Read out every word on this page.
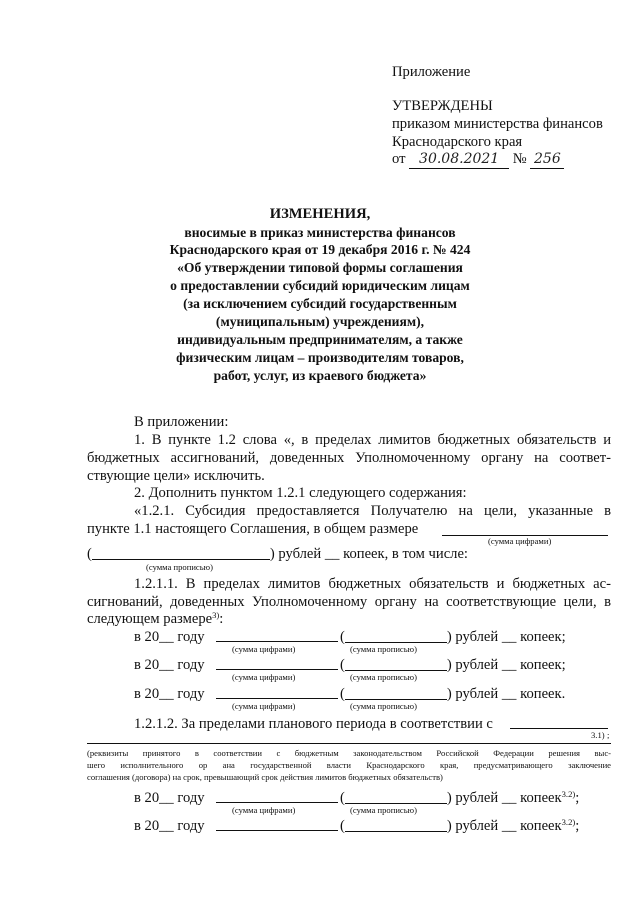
Приложение
УТВЕРЖДЕНЫ
приказом министерства финансов
Краснодарского края
от 30.08.2021 № 256
ИЗМЕНЕНИЯ,
вносимые в приказ министерства финансов
Краснодарского края от 19 декабря 2016 г. № 424
«Об утверждении типовой формы соглашения
о предоставлении субсидий юридическим лицам
(за исключением субсидий государственным
(муниципальным) учреждениям),
индивидуальным предпринимателям, а также
физическим лицам – производителям товаров,
работ, услуг, из краевого бюджета»
В приложении:
1. В пункте 1.2 слова «, в пределах лимитов бюджетных обязательств и
бюджетных ассигнований, доведенных Уполномоченному органу на соответ-
ствующие цели» исключить.
2. Дополнить пунктом 1.2.1 следующего содержания:
«1.2.1. Субсидия предоставляется Получателю на цели, указанные в
пункте 1.1 настоящего Соглашения, в общем размере
(сумма цифрами)
(	) рублей __ копеек, в том числе:
(сумма прописью)
1.2.1.1. В пределах лимитов бюджетных обязательств и бюджетных ас-
сигнований, доведенных Уполномоченному органу на соответствующие цели, в
следующем размере$^{3)}$:
в 20__ году	(	) рублей __ копеек;
(сумма цифрами)	(сумма прописью)
в 20__ году	(	) рублей __ копеек;
(сумма цифрами)	(сумма прописью)
в 20__ году	(	) рублей __ копеек.
(сумма цифрами)	(сумма прописью)
1.2.1.2. За пределами планового периода в соответствии с
3.1) ;
(реквизиты принятого в соответствии с бюджетным законодательством Российской Федерации решения выс-
шего исполнительного ор ана государственной власти Краснодарского края, предусматривающего заключение
соглашения (договора) на срок, превышающий срок действия лимитов бюджетных обязательств)
в 20__ году	(	) рублей __ копеек$^{3.2)}$;
(сумма цифрами)	(сумма прописью)
в 20__ году	(	) рублей __ копеек$^{3.2)}$;
